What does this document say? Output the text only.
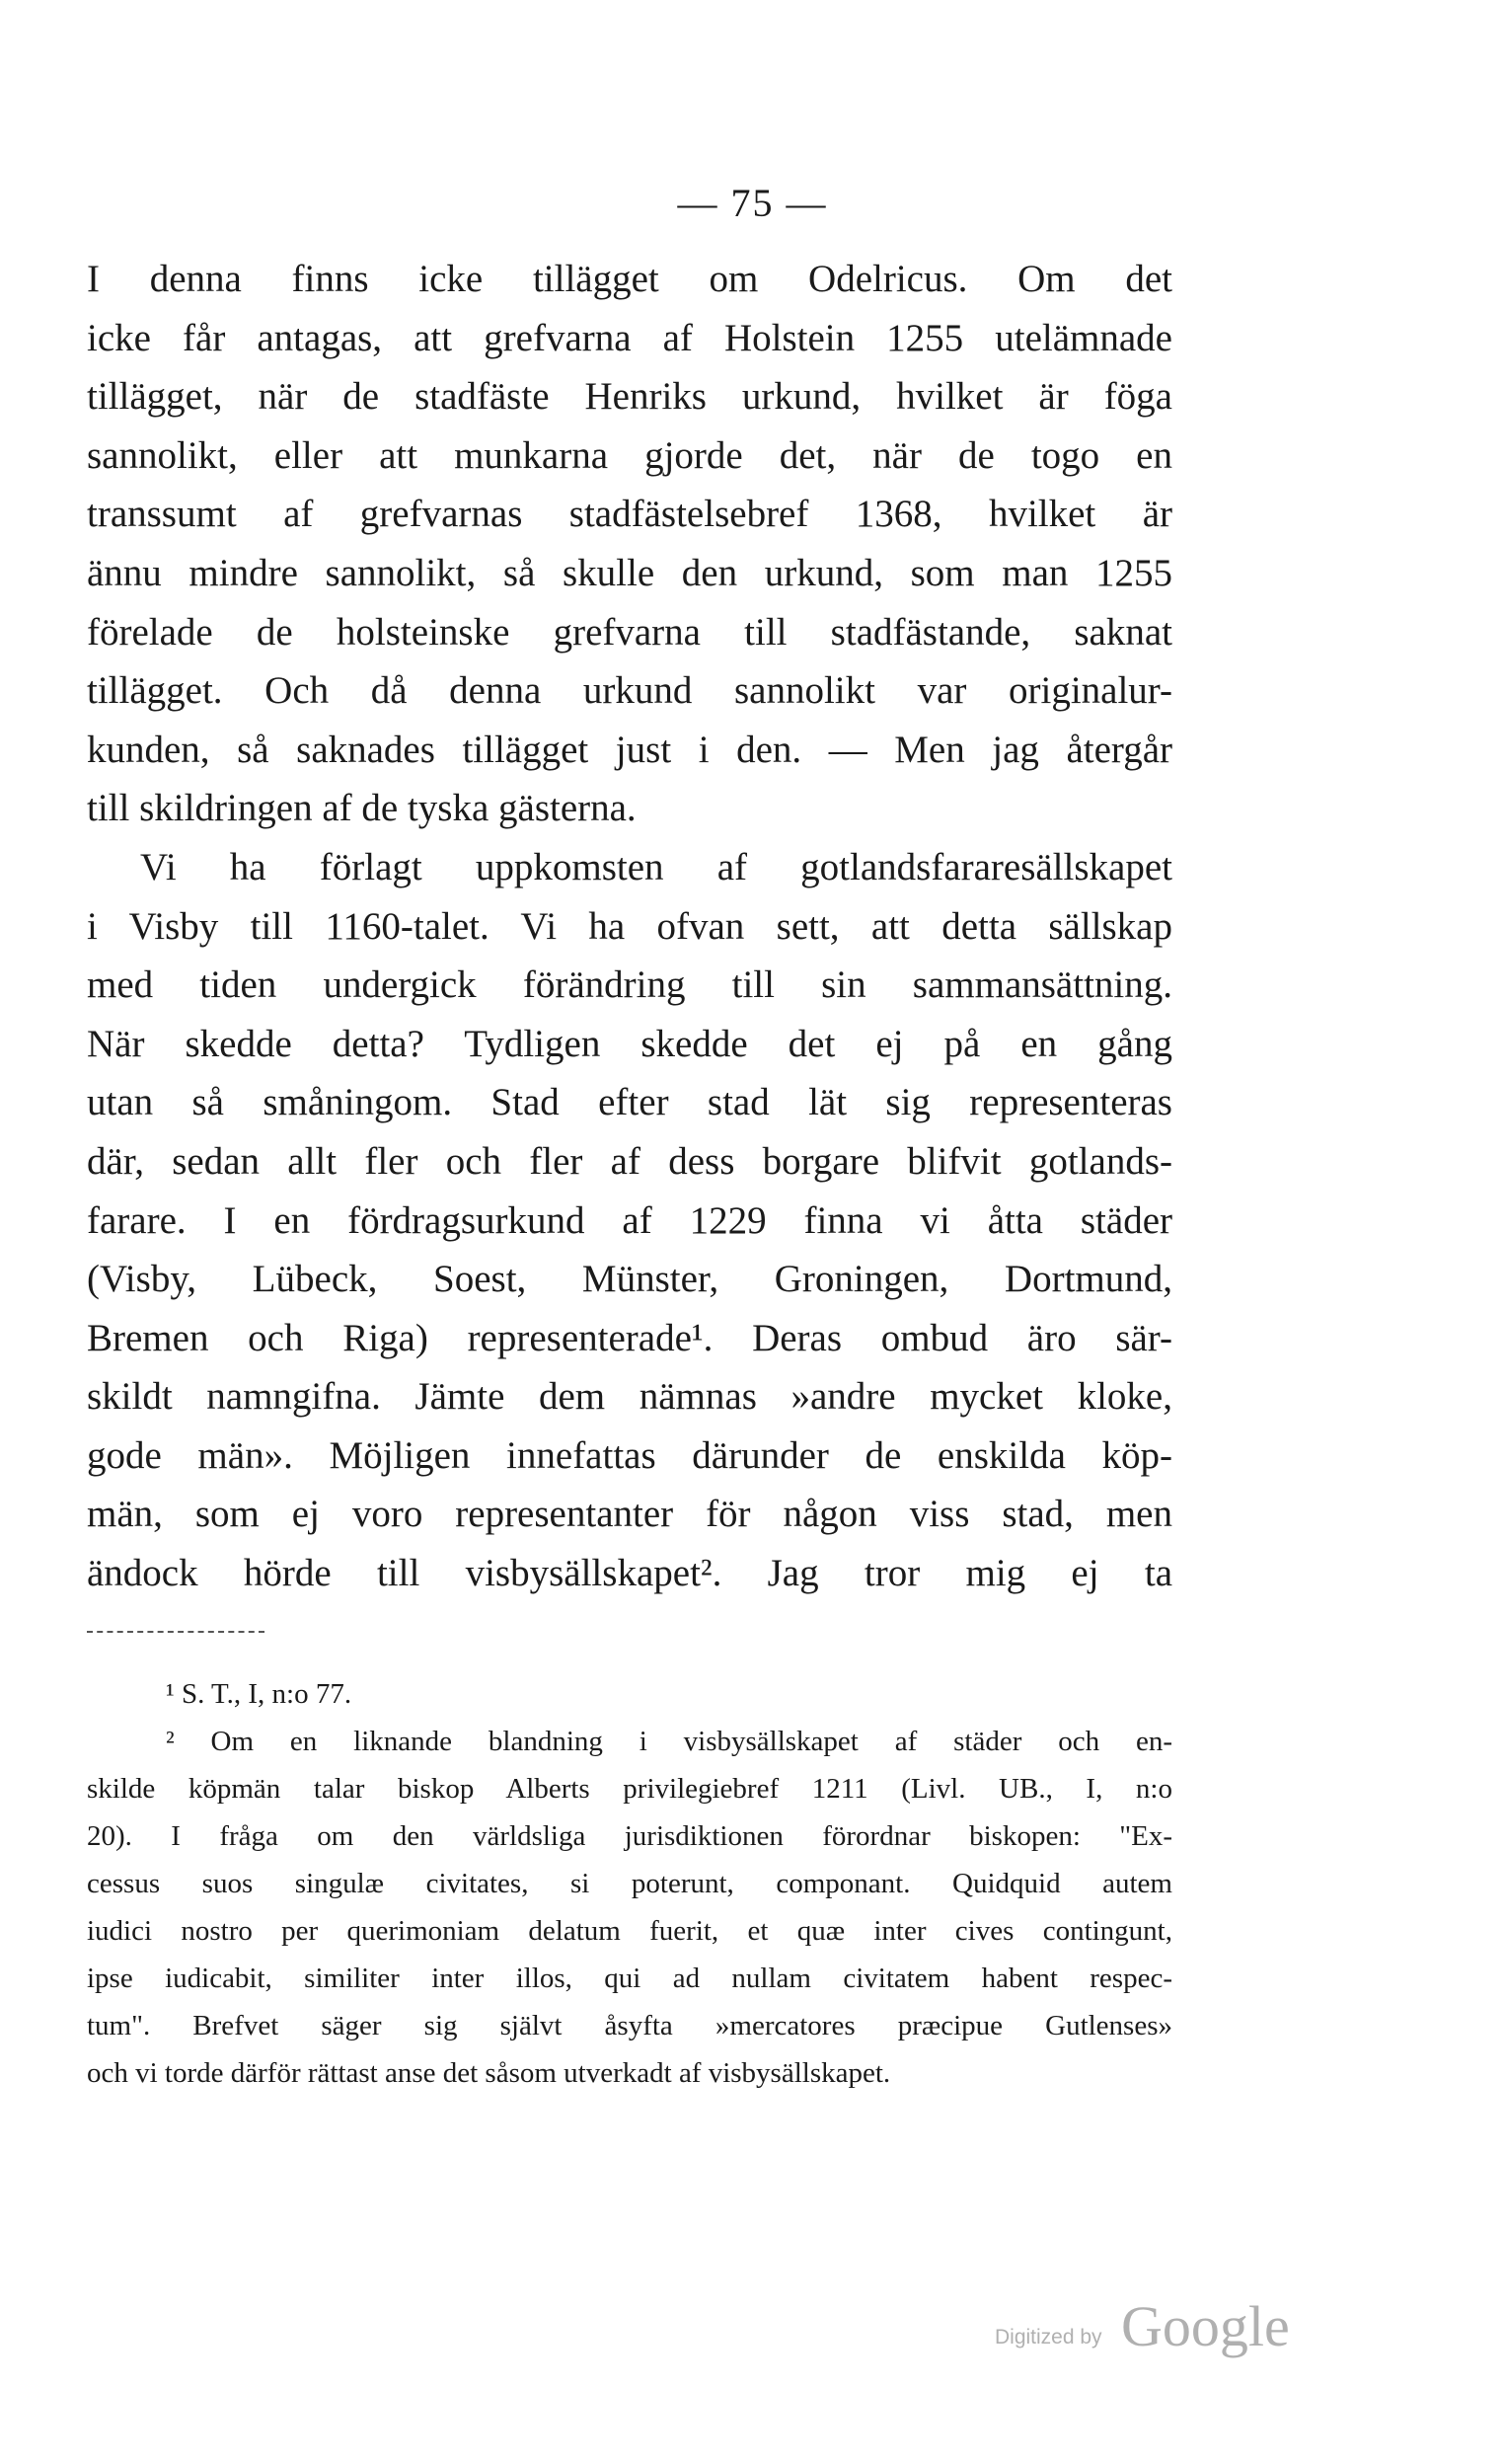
— 75 —
I denna finns icke tillägget om Odelricus. Om det
icke får antagas, att grefvarna af Holstein 1255 utelämnade
tillägget, när de stadfäste Henriks urkund, hvilket är föga
sannolikt, eller att munkarna gjorde det, när de togo en
transsumt af grefvarnas stadfästelsebref 1368, hvilket är
ännu mindre sannolikt, så skulle den urkund, som man 1255
förelade de holsteinske grefvarna till stadfästande, saknat
tillägget. Och då denna urkund sannolikt var originalur-
kunden, så saknades tillägget just i den. — Men jag återgår
till skildringen af de tyska gästerna.
Vi ha förlagt uppkomsten af gotlandsfararesällskapet
i Visby till 1160-talet. Vi ha ofvan sett, att detta sällskap
med tiden undergick förändring till sin sammansättning.
När skedde detta? Tydligen skedde det ej på en gång
utan så småningom. Stad efter stad lät sig representeras
där, sedan allt fler och fler af dess borgare blifvit gotlands-
farare. I en fördragsurkund af 1229 finna vi åtta städer
(Visby, Lübeck, Soest, Münster, Groningen, Dortmund,
Bremen och Riga) representerade¹. Deras ombud äro sär-
skildt namngifna. Jämte dem nämnas »andre mycket kloke,
gode män». Möjligen innefattas därunder de enskilda köp-
män, som ej voro representanter för någon viss stad, men
ändock hörde till visbysällskapet². Jag tror mig ej ta
¹ S. T., I, n:o 77.
² Om en liknande blandning i visbysällskapet af städer och en-
skilde köpmän talar biskop Alberts privilegiebref 1211 (Livl. UB., I, n:o
20). I fråga om den världsliga jurisdiktionen förordnar biskopen: "Ex-
cessus suos singulæ civitates, si poterunt, componant. Quidquid autem
iudici nostro per querimoniam delatum fuerit, et quæ inter cives contingunt,
ipse iudicabit, similiter inter illos, qui ad nullam civitatem habent respec-
tum". Brefvet säger sig självt åsyfta »mercatores præcipue Gutlenses»
och vi torde därför rättast anse det såsom utverkadt af visbysällskapet.
Digitized by Google
